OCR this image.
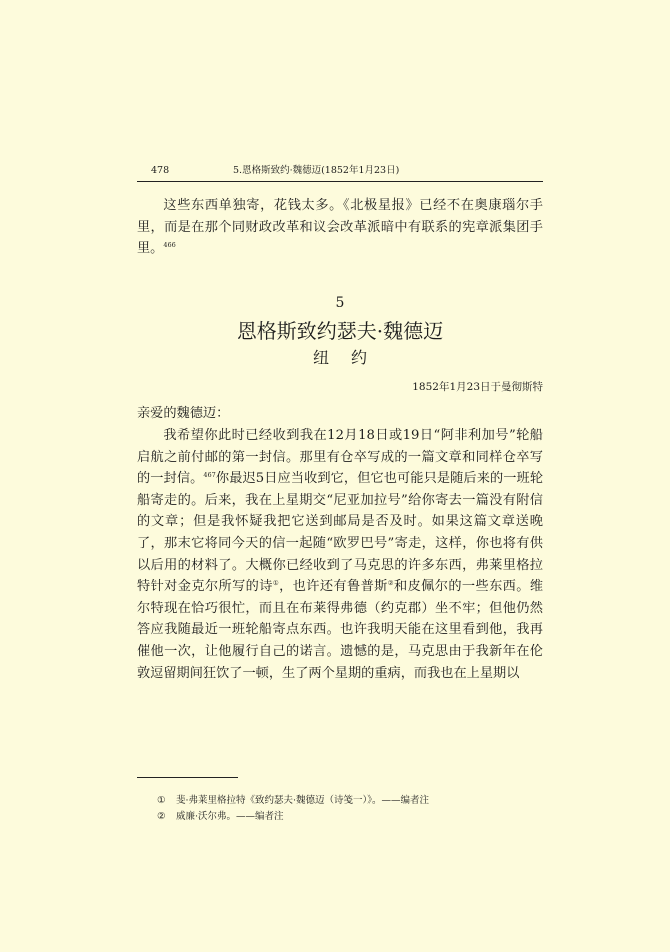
478	5.恩格斯致约·魏德迈(1852年1月23日)

这些东西单独寄，花钱太多。《北极星报》已经不在奥康瑙尔手里，而是在那个同财政改革和议会改革派暗中有联系的宪章派集团手里。$^{466}$

5
恩格斯致约瑟夫·魏德迈
纽约
1852年1月23日于曼彻斯特

亲爱的魏德迈：

我希望你此时已经收到我在12月18日或19日“阿非利加号”轮船启航之前付邮的第一封信。那里有仓卒写成的一篇文章和同样仓卒写的一封信。$^{467}$你最迟5日应当收到它，但它也可能只是随后来的一班轮船寄走的。后来，我在上星期交“尼亚加拉号”给你寄去一篇没有附信的文章；但是我怀疑我把它送到邮局是否及时。如果这篇文章送晚了，那末它将同今天的信一起随“欧罗巴号”寄走，这样，你也将有供以后用的材料了。大概你已经收到了马克思的许多东西，弗莱里格拉特针对金克尔所写的诗①，也许还有鲁普斯②和皮佩尔的一些东西。维尔特现在恰巧很忙，而且在布莱得弗德（约克郡）坐不牢；但他仍然答应我随最近一班轮船寄点东西。也许我明天能在这里看到他，我再催他一次，让他履行自己的诺言。遗憾的是，马克思由于我新年在伦敦逗留期间狂饮了一顿，生了两个星期的重病，而我也在上星期以

① 斐·弗莱里格拉特《致约瑟夫·魏德迈（诗笺一）》。——编者注
② 威廉·沃尔弗。——编者注
